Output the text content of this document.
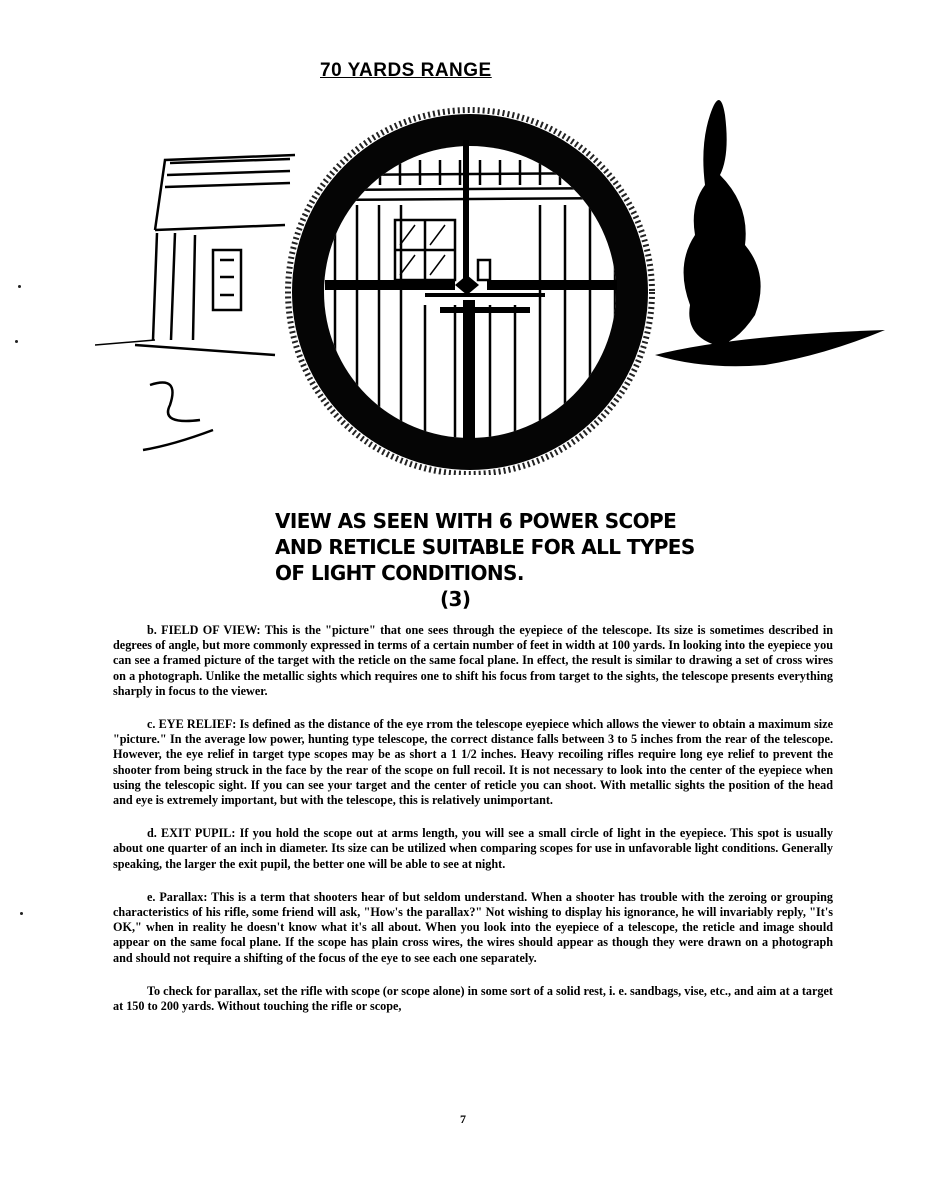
70 YARDS RANGE
VIEW AS SEEN WITH 6 POWER SCOPE
AND RETICLE SUITABLE FOR ALL TYPES
OF LIGHT CONDITIONS.
(3)

b. FIELD OF VIEW: This is the "picture" that one sees through the eyepiece of the telescope. Its size is sometimes described in degrees of angle, but more commonly expressed in terms of a certain number of feet in width at 100 yards. In looking into the eyepiece you can see a framed picture of the target with the reticle on the same focal plane. In effect, the result is similar to drawing a set of cross wires on a photograph. Unlike the metallic sights which requires one to shift his focus from target to the sights, the telescope presents everything sharply in focus to the viewer.

c. EYE RELIEF: Is defined as the distance of the eye rrom the telescope eyepiece which allows the viewer to obtain a maximum size "picture." In the average low power, hunting type telescope, the correct distance falls between 3 to 5 inches from the rear of the telescope. However, the eye relief in target type scopes may be as short a 1 1/2 inches. Heavy recoiling rifles require long eye relief to prevent the shooter from being struck in the face by the rear of the scope on full recoil. It is not necessary to look into the center of the eyepiece when using the telescopic sight. If you can see your target and the center of reticle you can shoot. With metallic sights the position of the head and eye is extremely important, but with the telescope, this is relatively unimportant.

d. EXIT PUPIL: If you hold the scope out at arms length, you will see a small circle of light in the eyepiece. This spot is usually about one quarter of an inch in diameter. Its size can be utilized when comparing scopes for use in unfavorable light conditions. Generally speaking, the larger the exit pupil, the better one will be able to see at night.

e. Parallax: This is a term that shooters hear of but seldom understand. When a shooter has trouble with the zeroing or grouping characteristics of his rifle, some friend will ask, "How's the parallax?" Not wishing to display his ignorance, he will invariably reply, "It's OK," when in reality he doesn't know what it's all about. When you look into the eyepiece of a telescope, the reticle and image should appear on the same focal plane. If the scope has plain cross wires, the wires should appear as though they were drawn on a photograph and should not require a shifting of the focus of the eye to see each one separately.

To check for parallax, set the rifle with scope (or scope alone) in some sort of a solid rest, i. e. sandbags, vise, etc., and aim at a target at 150 to 200 yards. Without touching the rifle or scope,

7
